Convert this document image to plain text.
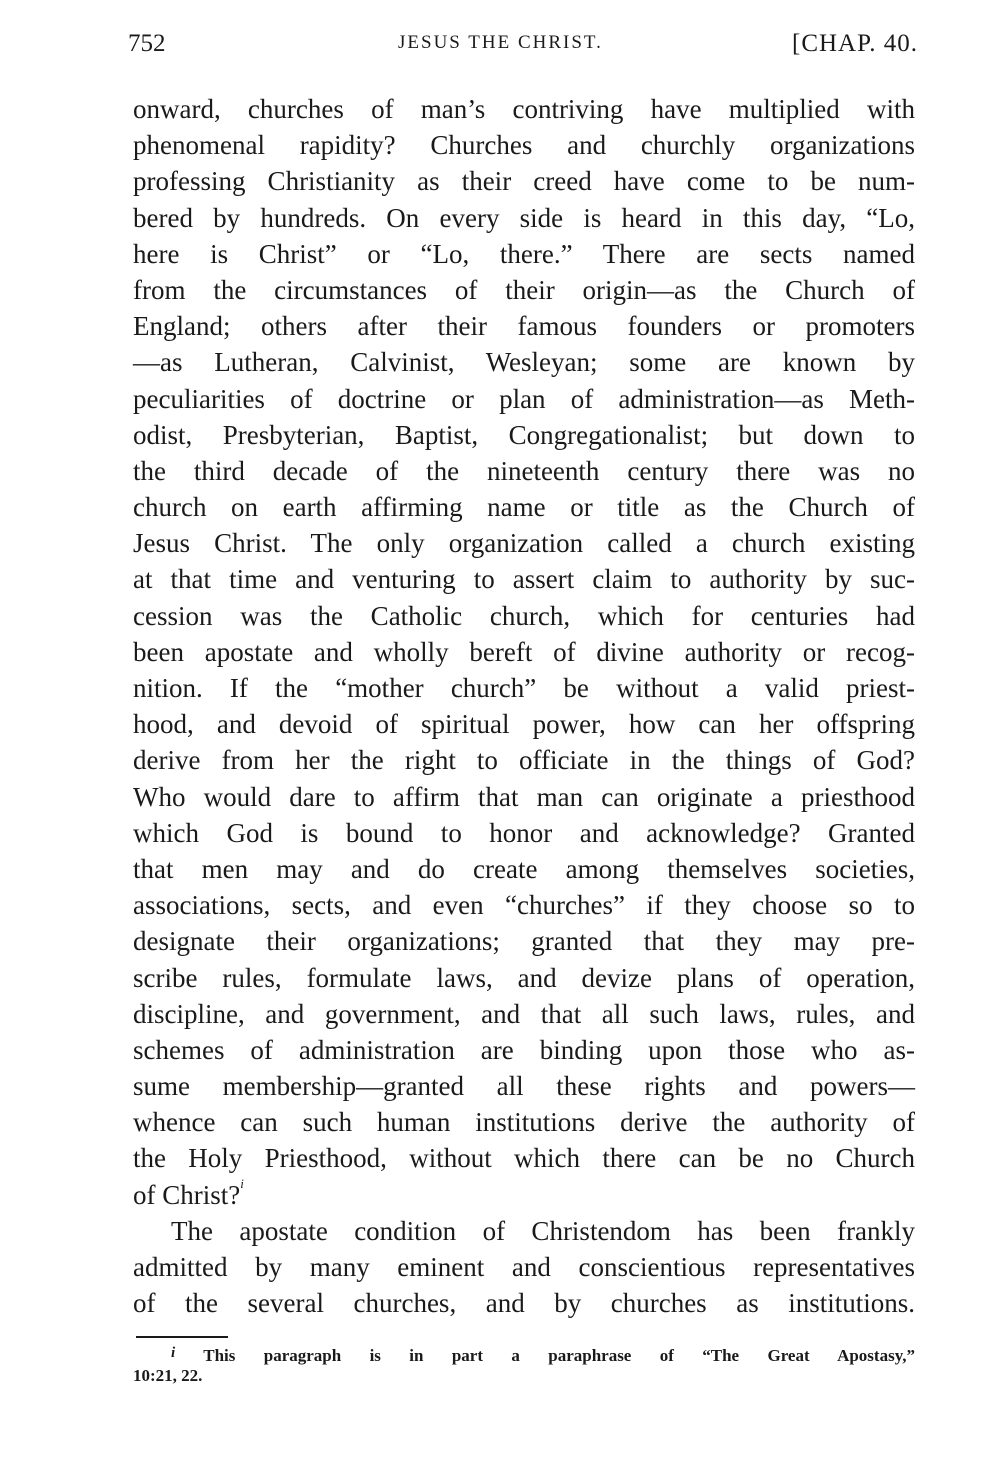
752	JESUS THE CHRIST.	[CHAP. 40.
onward, churches of man’s contriving have multiplied with
phenomenal rapidity? Churches and churchly organizations
professing Christianity as their creed have come to be num-
bered by hundreds. On every side is heard in this day, “Lo,
here is Christ” or “Lo, there.” There are sects named
from the circumstances of their origin—as the Church of
England; others after their famous founders or promoters
—as Lutheran, Calvinist, Wesleyan; some are known by
peculiarities of doctrine or plan of administration—as Meth-
odist, Presbyterian, Baptist, Congregationalist; but down to
the third decade of the nineteenth century there was no
church on earth affirming name or title as the Church of
Jesus Christ. The only organization called a church existing
at that time and venturing to assert claim to authority by suc-
cession was the Catholic church, which for centuries had
been apostate and wholly bereft of divine authority or recog-
nition. If the “mother church” be without a valid priest-
hood, and devoid of spiritual power, how can her offspring
derive from her the right to officiate in the things of God?
Who would dare to affirm that man can originate a priesthood
which God is bound to honor and acknowledge? Granted
that men may and do create among themselves societies,
associations, sects, and even “churches” if they choose so to
designate their organizations; granted that they may pre-
scribe rules, formulate laws, and devize plans of operation,
discipline, and government, and that all such laws, rules, and
schemes of administration are binding upon those who as-
sume membership—granted all these rights and powers—
whence can such human institutions derive the authority of
the Holy Priesthood, without which there can be no Church
of Christ?$^i$
The apostate condition of Christendom has been frankly
admitted by many eminent and conscientious representatives
of the several churches, and by churches as institutions.
i This paragraph is in part a paraphrase of “The Great Apostasy,”
10:21, 22.
